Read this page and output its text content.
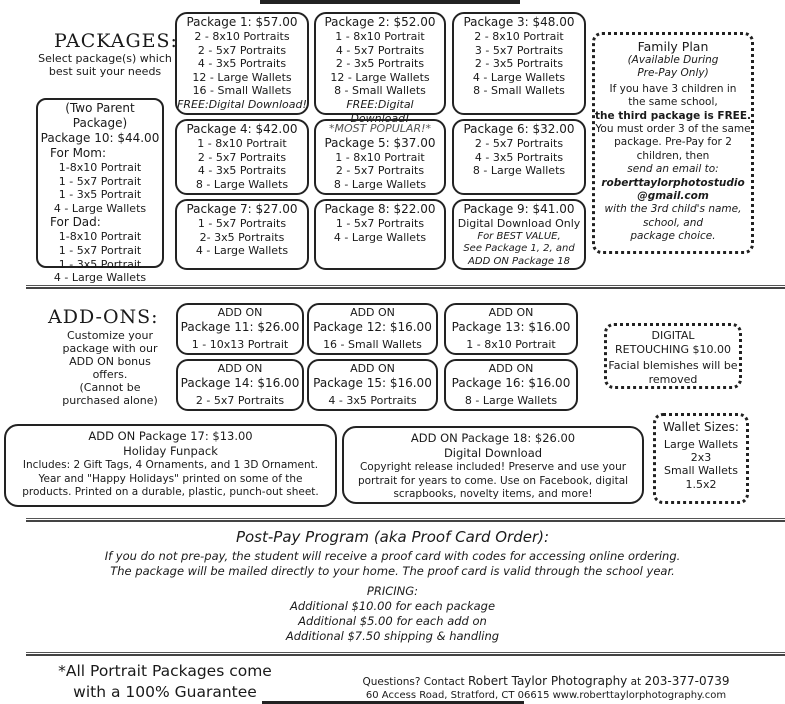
PACKAGES:
Select package(s) which
best suit your needs
Package 1: $57.00
2 - 8x10 Portraits
2 - 5x7 Portraits
4 - 3x5 Portraits
12 - Large Wallets
16 - Small Wallets
FREE:Digital Download!
Package 2: $52.00
1 - 8x10 Portrait
4 - 5x7 Portraits
2 - 3x5 Portraits
12 - Large Wallets
8 - Small Wallets
FREE:Digital Download!
Package 3: $48.00
2 - 8x10 Portrait
3 - 5x7 Portraits
2 - 3x5 Portraits
4 - Large Wallets
8 - Small Wallets
(Two Parent Package)
Package 10: $44.00
For Mom:
1-8x10 Portrait
1 - 5x7 Portrait
1 - 3x5 Portrait
4 - Large Wallets
For Dad:
1-8x10 Portrait
1 - 5x7 Portrait
1 - 3x5 Portrait
4 - Large Wallets
Package 4: $42.00
1 - 8x10 Portrait
2 - 5x7 Portraits
4 - 3x5 Portraits
8 - Large Wallets
*MOST POPULAR!*
Package 5: $37.00
1 - 8x10 Portrait
2 - 5x7 Portraits
8 - Large Wallets
Package 6: $32.00
2 - 5x7 Portraits
4 - 3x5 Portraits
8 - Large Wallets
Package 7: $27.00
1 - 5x7 Portraits
2- 3x5 Portraits
4 - Large Wallets
Package 8: $22.00
1 - 5x7 Portraits
4 - Large Wallets
Package 9: $41.00
Digital Download Only
For BEST VALUE,
See Package 1, 2, and
ADD ON Package 18
Family Plan
(Available During
Pre-Pay Only)
If you have 3 children in
the same school,
the third package is FREE.
You must order 3 of the same
package. Pre-Pay for 2
children, then
send an email to:
roberttaylorphotostudio
@gmail.com
with the 3rd child's name,
school, and
package choice.
ADD-ONS:
Customize your
package with our
ADD ON bonus
offers.
(Cannot be
purchased alone)
ADD ON
Package 11: $26.00
1 - 10x13 Portrait
ADD ON
Package 12: $16.00
16 - Small Wallets
ADD ON
Package 13: $16.00
1 - 8x10 Portrait
ADD ON
Package 14: $16.00
2 - 5x7 Portraits
ADD ON
Package 15: $16.00
4 - 3x5 Portraits
ADD ON
Package 16: $16.00
8 - Large Wallets
DIGITAL
RETOUCHING $10.00
Facial blemishes will be
removed
ADD ON Package 17: $13.00
Holiday Funpack
Includes: 2 Gift Tags, 4 Ornaments, and 1 3D Ornament.
Year and "Happy Holidays" printed on some of the
products. Printed on a durable, plastic, punch-out sheet.
ADD ON Package 18: $26.00
Digital Download
Copyright release included! Preserve and use your
portrait for years to come. Use on Facebook, digital
scrapbooks, novelty items, and more!
Wallet Sizes:
Large Wallets
2x3
Small Wallets
1.5x2
Post-Pay Program (aka Proof Card Order):
If you do not pre-pay, the student will receive a proof card with codes for accessing online ordering.
The package will be mailed directly to your home. The proof card is valid through the school year.
PRICING:
Additional $10.00 for each package
Additional $5.00 for each add on
Additional $7.50 shipping & handling
*All Portrait Packages come
with a 100% Guarantee
Questions? Contact Robert Taylor Photography at 203-377-0739
60 Access Road, Stratford, CT 06615 www.roberttaylorphotography.com
